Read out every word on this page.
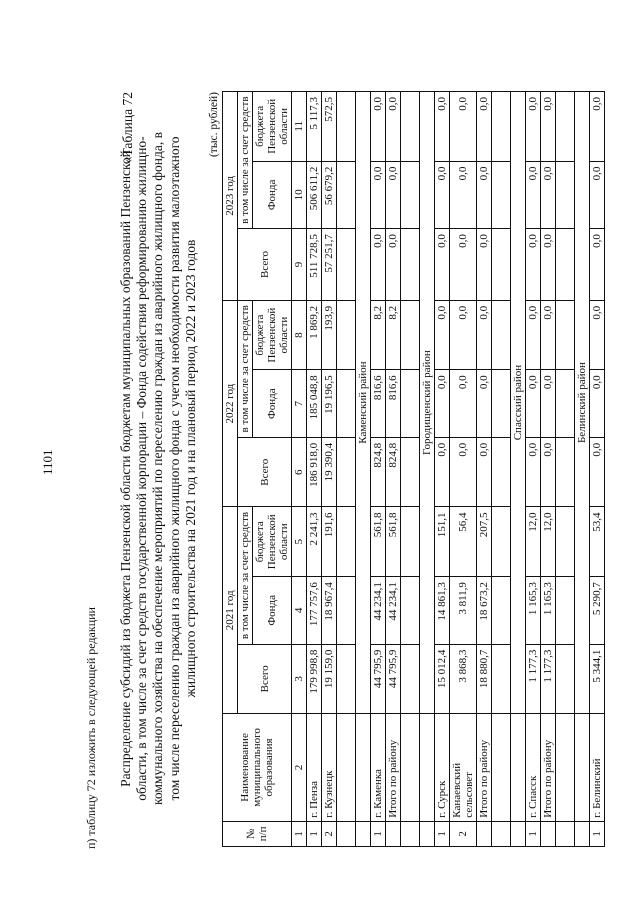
1101
п) таблицу 72 изложить в следующей редакции
«Таблица 72
Распределение субсидий из бюджета Пензенской области бюджетам муниципальных образований Пензенской области, в том числе за счет средств государственной корпорации – Фонда содействия реформированию жилищно- коммунального хозяйства на обеспечение мероприятий по переселению граждан из аварийного жилищного фонда, в том числе переселению граждан из аварийного жилищного фонда с учетом необходимости развития малоэтажного жилищного строительства на 2021 год и на плановый период 2022 и 2023 годов
(тыс. рублей)
№ п/п	Наименование муниципального образования	2021 год			2022 год			2023 год		
		Всего	в том числе за счет средств		Всего	в том числе за счет средств		Всего	в том числе за счет средств	
			Фонда	бюджета Пензенской области		Фонда	бюджета Пензенской области		Фонда	бюджета Пензенской области
1	2	3	4	5	6	7	8	9	10	11
1	г. Пенза	179 998,8	177 757,6	2 241,3	186 918,0	185 048,8	1 869,2	511 728,5	506 611,2	5 117,3
2	г. Кузнецк	19 159,0	18 967,4	191,6	19 390,4	19 196,5	193,9	57 251,7	56 679,2	572,5

		Каменский район								
1	г. Каменка	44 795,9	44 234,1	561,8	824,8	816,6	8,2	0,0	0,0	0,0
	Итого по району	44 795,9	44 234,1	561,8	824,8	816,6	8,2	0,0	0,0	0,0

		Городищенский район								
1	г. Сурск	15 012,4	14 861,3	151,1	0,0	0,0	0,0	0,0	0,0	0,0
2	Канаевский сельсовет	3 868,3	3 811,9	56,4	0,0	0,0	0,0	0,0	0,0	0,0
	Итого по району	18 880,7	18 673,2	207,5	0,0	0,0	0,0	0,0	0,0	0,0

		Спасский район								
1	г. Спасск	1 177,3	1 165,3	12,0	0,0	0,0	0,0	0,0	0,0	0,0
	Итого по району	1 177,3	1 165,3	12,0	0,0	0,0	0,0	0,0	0,0	0,0

		Белинский район								
1	г. Белинский	5 344,1	5 290,7	53,4	0,0	0,0	0,0	0,0	0,0	0,0
